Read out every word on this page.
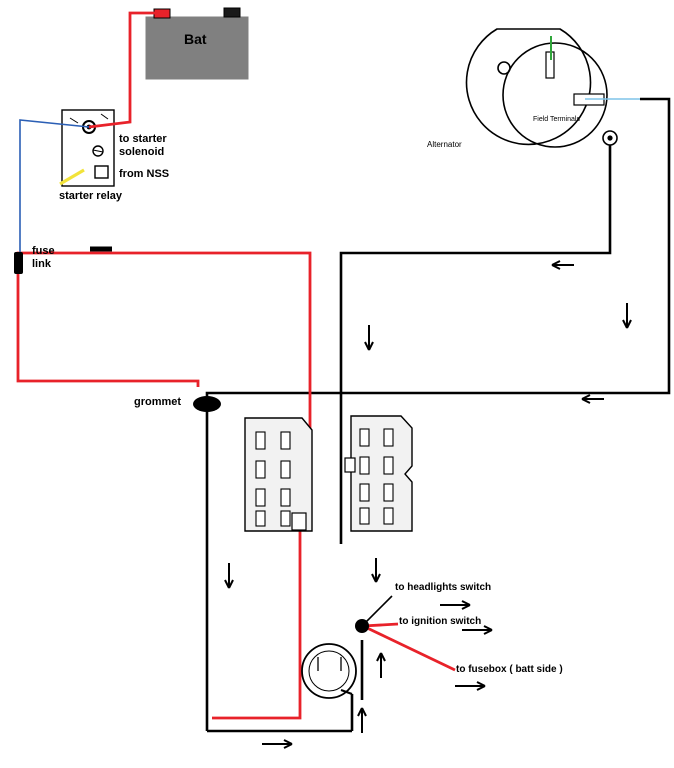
Bat
to starter
solenoid
from NSS
starter relay
fuse
link
grommet
Alternator
Field Terminals
to headlights switch
to ignition switch
to fusebox ( batt side )
